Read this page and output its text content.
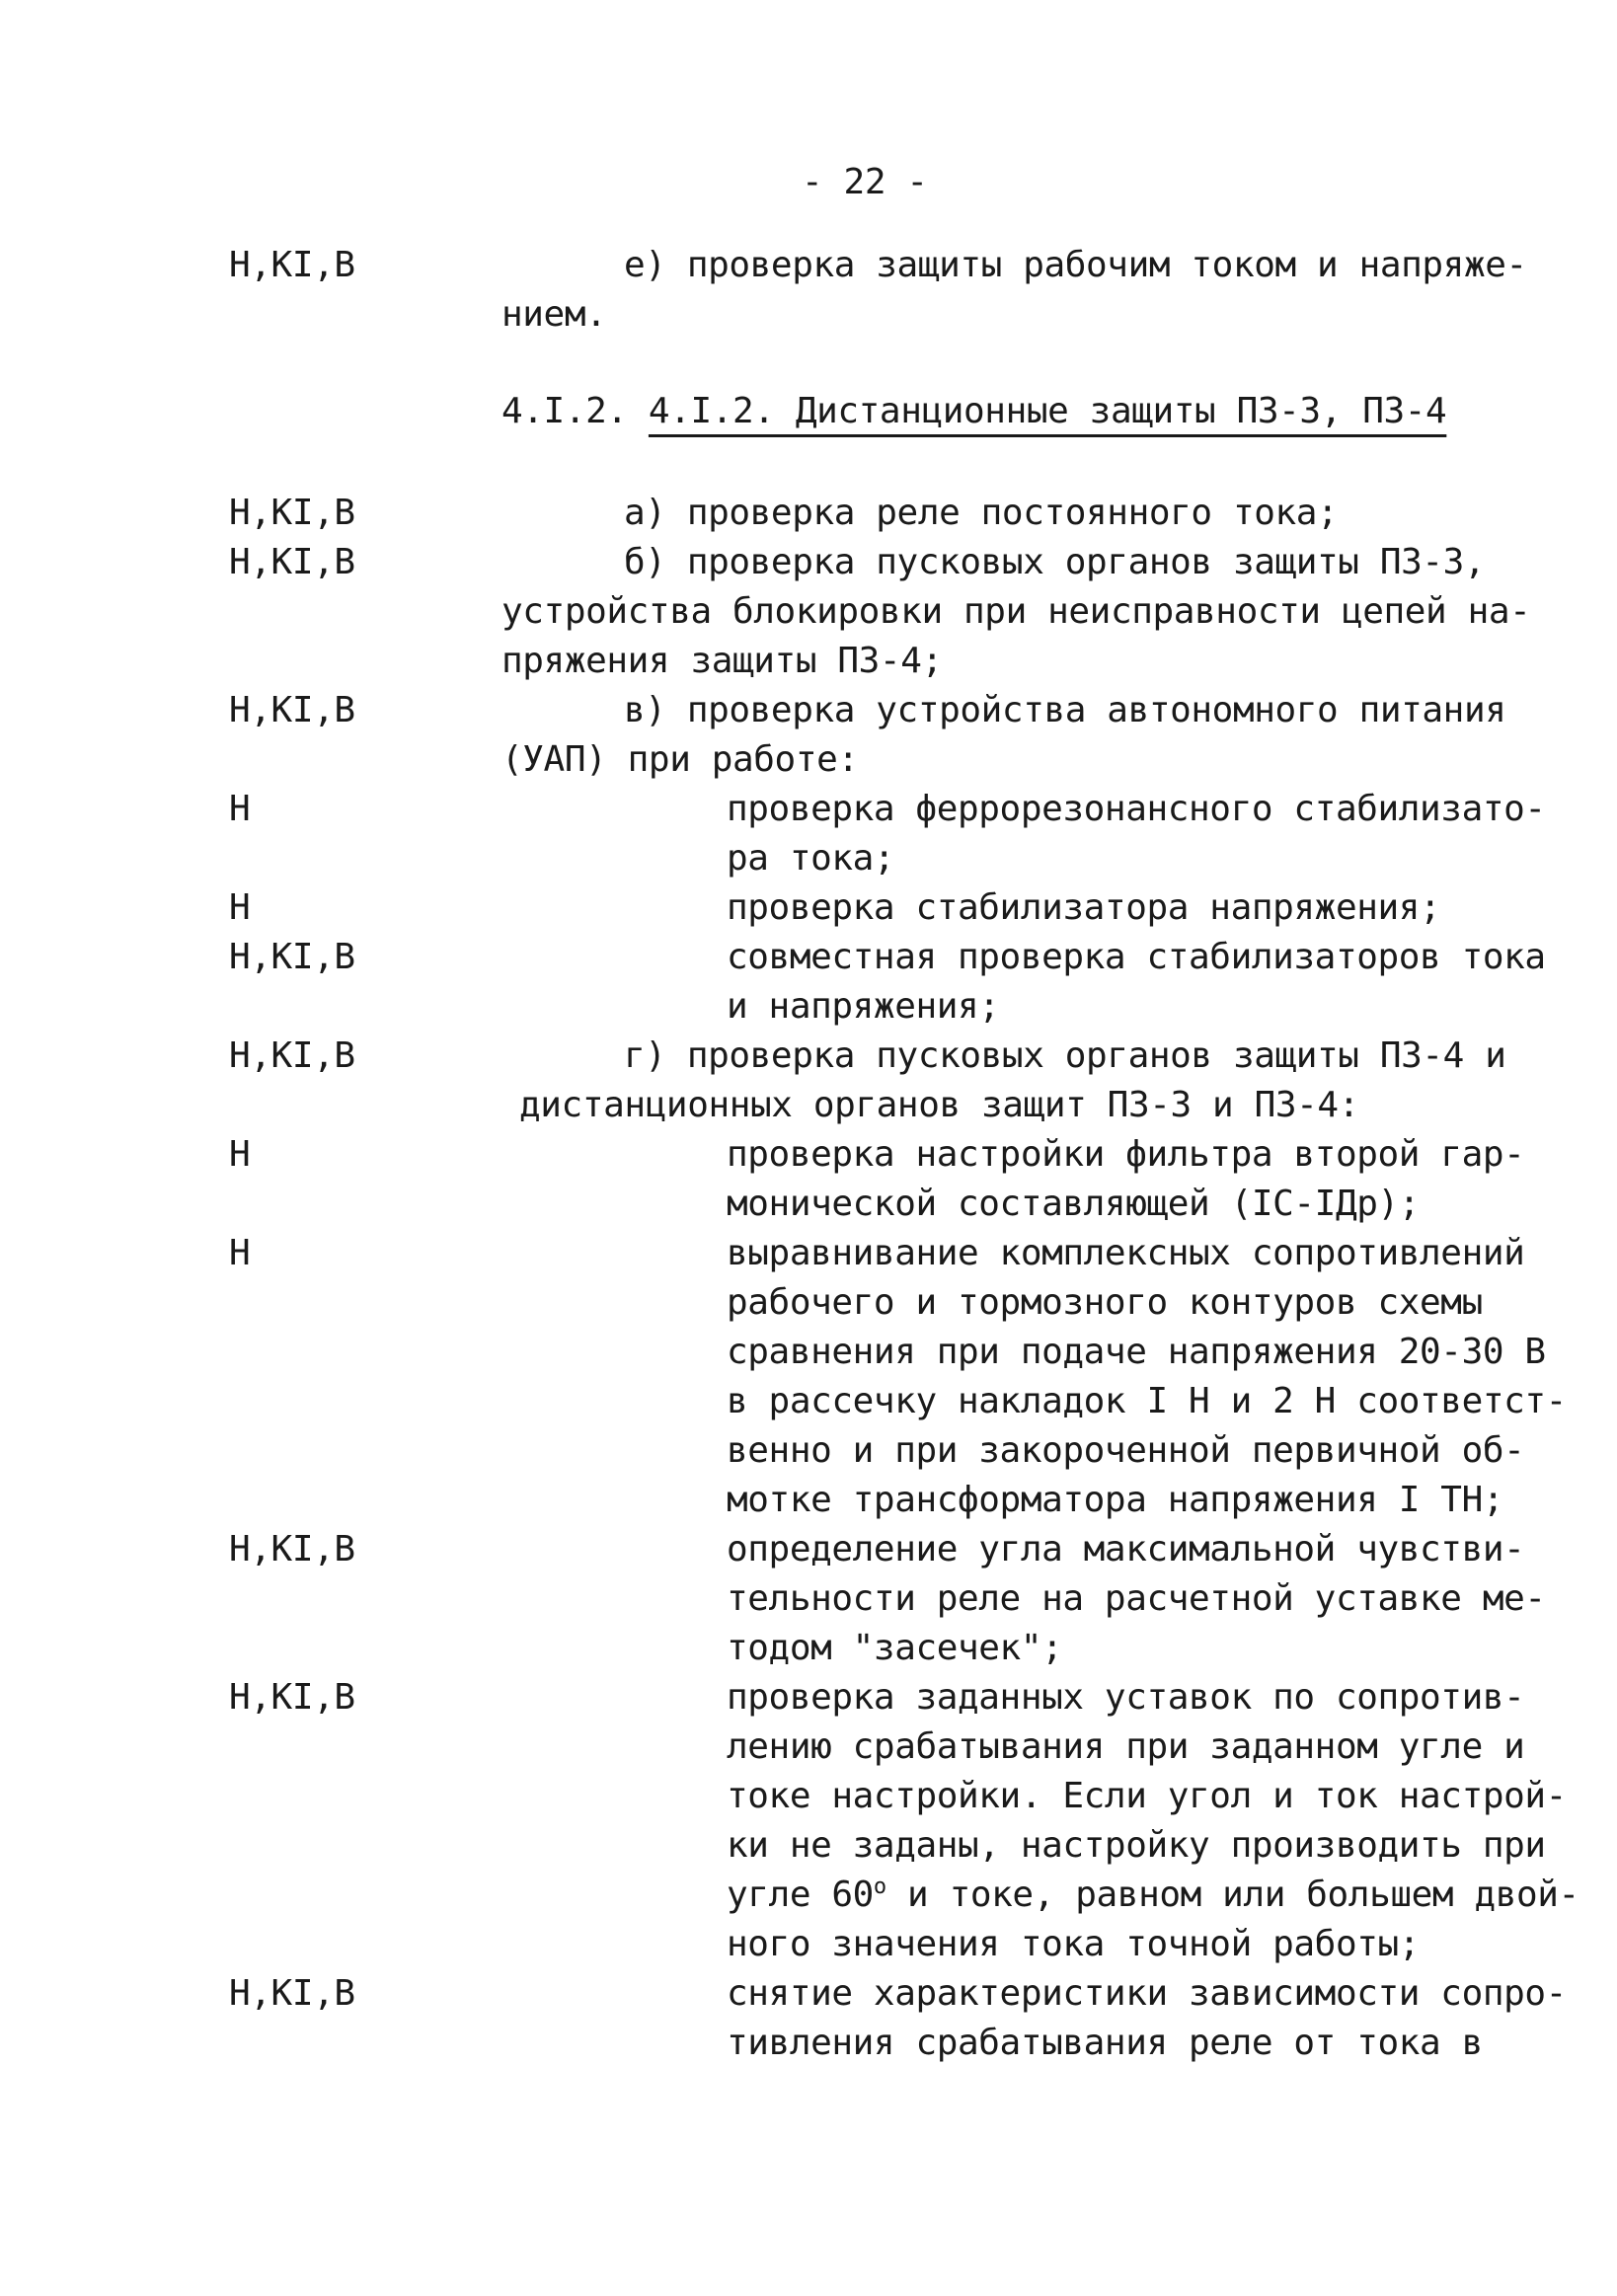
- 22 -
Н,КI,В	е) проверка защиты рабочим током и напряже-
нием.
4.I.2. 4.I.2. Дистанционные защиты ПЗ-3, ПЗ-4
Н,КI,В	а) проверка реле постоянного тока;
Н,КI,В	б) проверка пусковых органов защиты ПЗ-3,
устройства блокировки при неисправности цепей на-
пряжения защиты ПЗ-4;
Н,КI,В	в) проверка устройства автономного питания
(УАП) при работе:
Н	проверка феррорезонансного стабилизато-
ра тока;
Н	проверка стабилизатора напряжения;
Н,КI,В	совместная проверка стабилизаторов тока
и напряжения;
Н,КI,В	г) проверка пусковых органов защиты ПЗ-4 и
дистанционных органов защит ПЗ-3 и ПЗ-4:
Н	проверка настройки фильтра второй гар-
монической составляющей (IС-IДр);
Н	выравнивание комплексных сопротивлений
рабочего и тормозного контуров схемы
сравнения при подаче напряжения 20-30 В
в рассечку накладок I Н и 2 Н соответст-
венно и при закороченной первичной об-
мотке трансформатора напряжения I ТН;
Н,КI,В	определение угла максимальной чувстви-
тельности реле на расчетной уставке ме-
тодом "засечек";
Н,КI,В	проверка заданных уставок по сопротив-
лению срабатывания при заданном угле и
токе настройки. Если угол и ток настрой-
ки не заданы, настройку производить при
угле $60^о$ и токе, равном или большем двой-
ного значения тока точной работы;
Н,КI,В	снятие характеристики зависимости сопро-
тивления срабатывания реле от тока в
